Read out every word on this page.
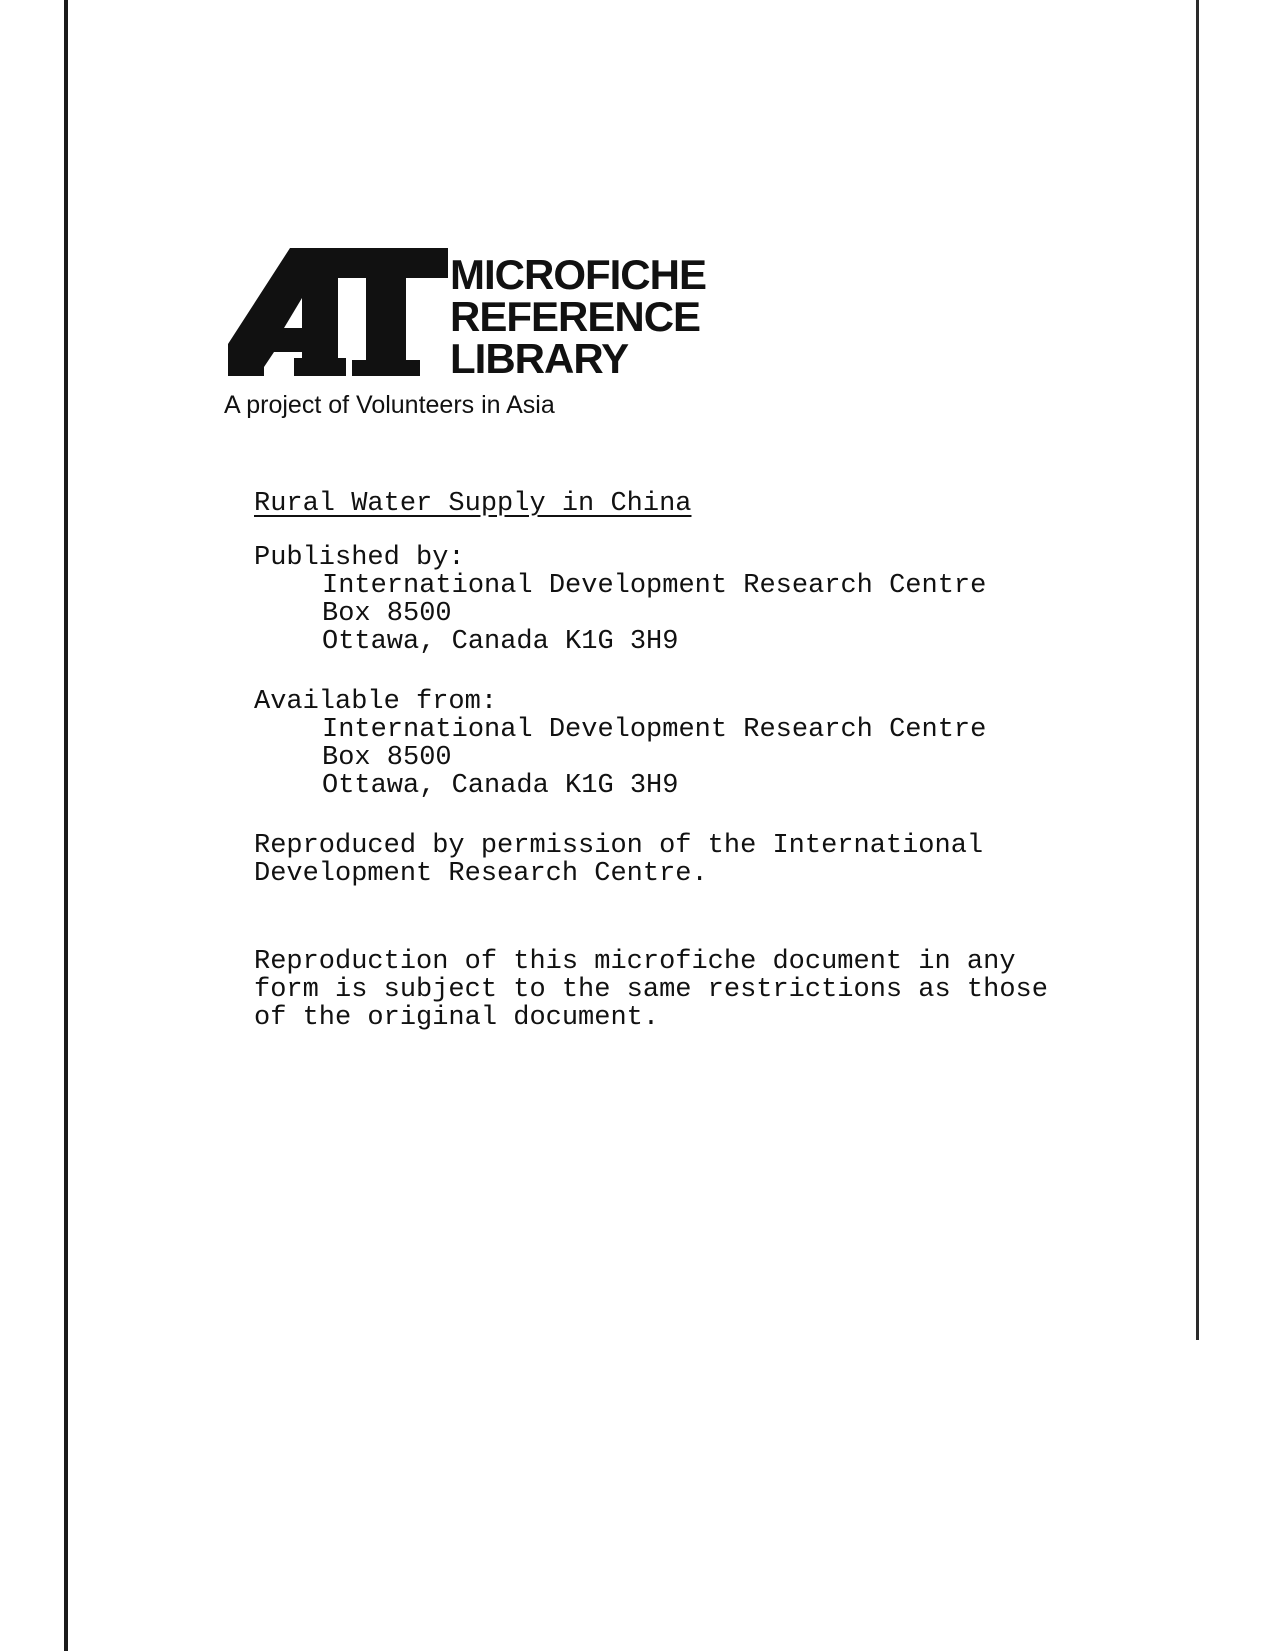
MICROFICHE
REFERENCE
LIBRARY
A project of Volunteers in Asia
Rural Water Supply in China
Published by:
International Development Research Centre
Box 8500
Ottawa, Canada K1G 3H9
Available from:
International Development Research Centre
Box 8500
Ottawa, Canada K1G 3H9
Reproduced by permission of the International
Development Research Centre.
Reproduction of this microfiche document in any
form is subject to the same restrictions as those
of the original document.
